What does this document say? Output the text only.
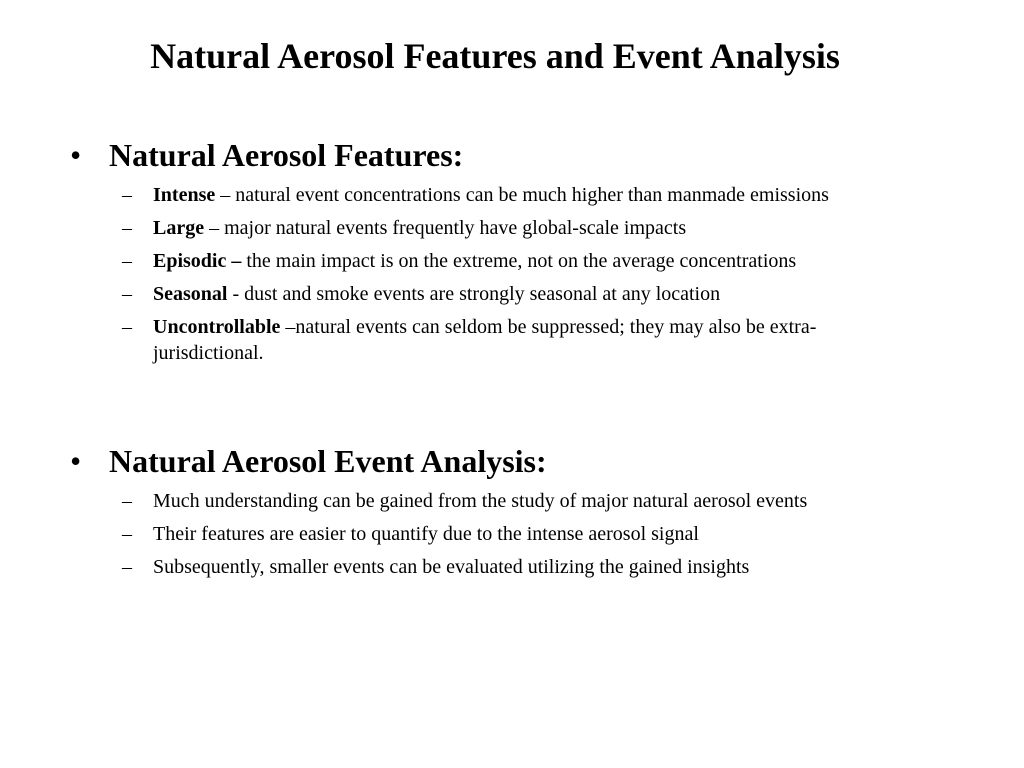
Natural Aerosol Features and Event Analysis
• Natural Aerosol Features:
– Intense – natural event concentrations can be much higher than manmade emissions
– Large – major natural events frequently have global-scale impacts
– Episodic – the main impact is on the extreme, not on the average concentrations
– Seasonal - dust and smoke events are strongly seasonal at any location
– Uncontrollable –natural events can seldom be suppressed; they may also be extra-jurisdictional.
• Natural Aerosol Event Analysis:
– Much understanding can be gained from the study of major natural aerosol events
– Their features are easier to quantify due to the intense aerosol signal
– Subsequently, smaller events can be evaluated utilizing the gained insights
